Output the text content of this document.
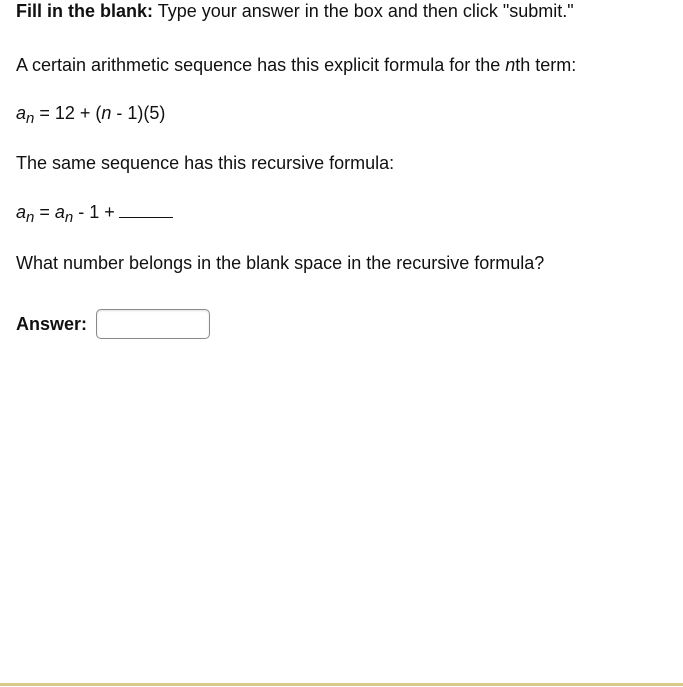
Fill in the blank: Type your answer in the box and then click "submit."
A certain arithmetic sequence has this explicit formula for the nth term:
$a_n = 12 + (n - 1)(5)$
The same sequence has this recursive formula:
$a_n = a_n - 1$ +
What number belongs in the blank space in the recursive formula?
Answer:
